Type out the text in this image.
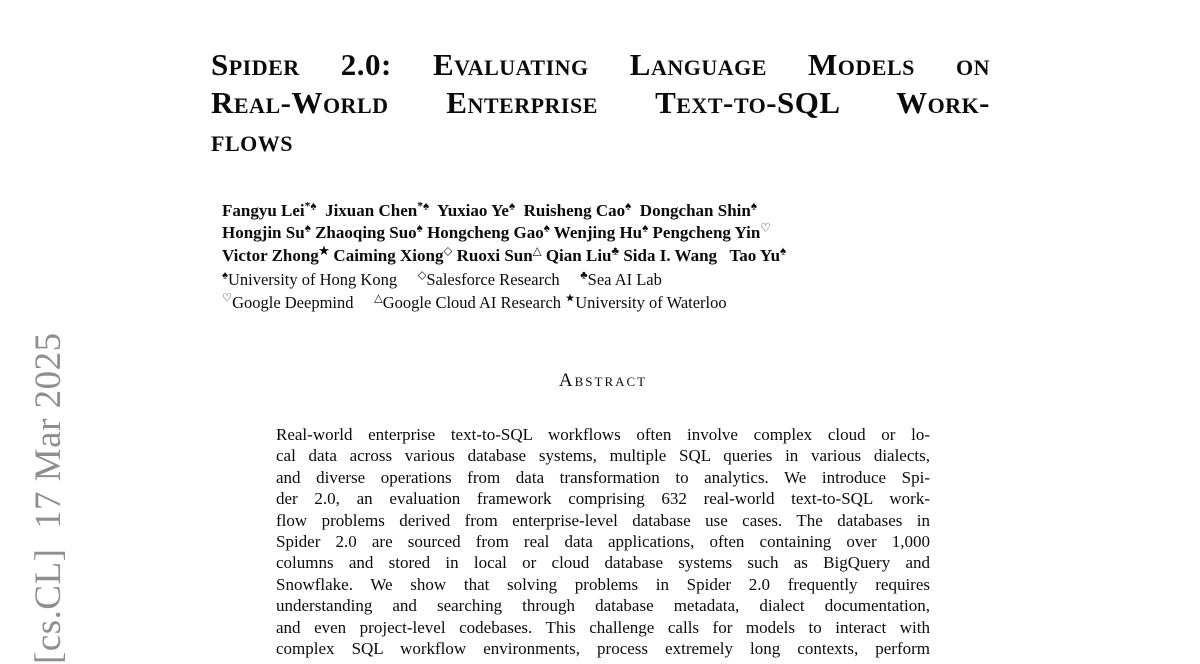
[cs.CL]  17 Mar 2025
Spider 2.0: Evaluating Language Models on
Real-World Enterprise Text-to-SQL Work-
flows
Fangyu Lei*♠  Jixuan Chen*♠  Yuxiao Ye♠  Ruisheng Cao♠  Dongchan Shin♠
Hongjin Su♠ Zhaoqing Suo♠ Hongcheng Gao♠ Wenjing Hu♠ Pengcheng Yin♡
Victor Zhong★ Caiming Xiong◇ Ruoxi Sun△ Qian Liu♣ Sida I. Wang   Tao Yu♠
♠University of Hong Kong     ◇Salesforce Research     ♣Sea AI Lab
♡Google Deepmind     △Google Cloud AI Research ★University of Waterloo
Abstract
Real-world enterprise text-to-SQL workflows often involve complex cloud or lo-
cal data across various database systems, multiple SQL queries in various dialects,
and diverse operations from data transformation to analytics. We introduce Spi-
der 2.0, an evaluation framework comprising 632 real-world text-to-SQL work-
flow problems derived from enterprise-level database use cases. The databases in
Spider 2.0 are sourced from real data applications, often containing over 1,000
columns and stored in local or cloud database systems such as BigQuery and
Snowflake. We show that solving problems in Spider 2.0 frequently requires
understanding and searching through database metadata, dialect documentation,
and even project-level codebases. This challenge calls for models to interact with
complex SQL workflow environments, process extremely long contexts, perform
